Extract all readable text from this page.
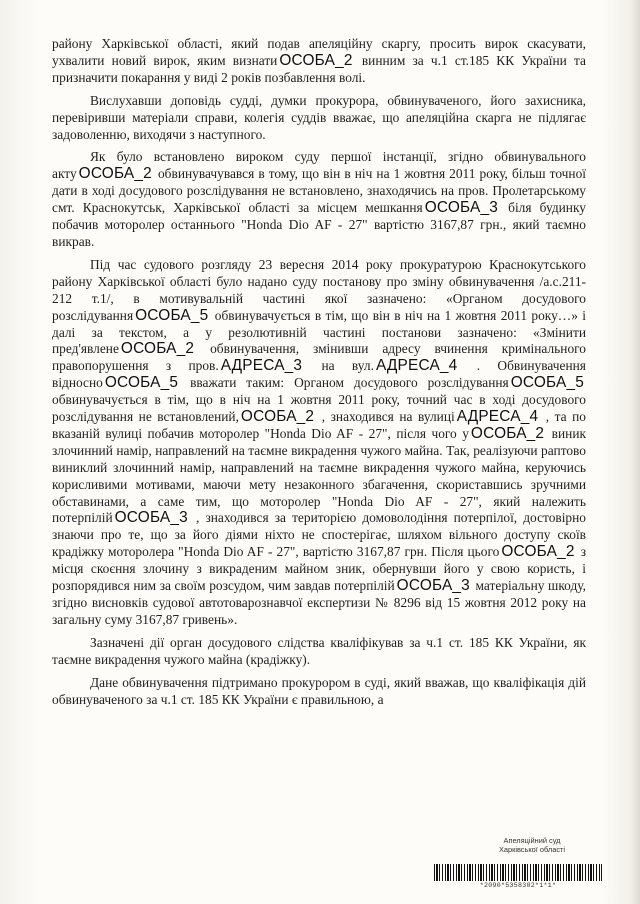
району Харківської області, який подав апеляційну скаргу, просить вирок скасувати, ухвалити новий вирок, яким визнати ОСОБА_2 винним за ч.1 ст.185 КК України та призначити покарання у виді 2 років позбавлення волі.

Вислухавши доповідь судді, думки прокурора, обвинуваченого, його захисника, перевіривши матеріали справи, колегія суддів вважає, що апеляційна скарга не підлягає задоволенню, виходячи з наступного.

Як було встановлено вироком суду першої інстанції, згідно обвинувального акту ОСОБА_2 обвинувачувався в тому, що він в ніч на 1 жовтня 2011 року, більш точної дати в ході досудового розслідування не встановлено, знаходячись на пров. Пролетарському смт. Краснокутськ, Харківської області за місцем мешкання ОСОБА_3 біля будинку побачив моторолер останнього "Honda Dio AF - 27" вартістю 3167,87 грн., який таємно викрав.

Під час судового розгляду 23 вересня 2014 року прокуратурою Краснокутського району Харківської області було надано суду постанову про зміну обвинувачення /а.с.211-212 т.1/, в мотивувальній частині якої зазначено: «Органом досудового розслідування ОСОБА_5 обвинувачується в тім, що він в ніч на 1 жовтня 2011 року…» і далі за текстом, а у резолютивній частині постанови зазначено: «Змінити пред'явлене ОСОБА_2 обвинувачення, змінивши адресу вчинення кримінального правопорушення з пров. АДРЕСА_3 на вул. АДРЕСА_4 . Обвинувачення відносно ОСОБА_5 вважати таким: Органом досудового розслідування ОСОБА_5 обвинувачується в тім, що в ніч на 1 жовтня 2011 року, точний час в ході досудового розслідування не встановлений, ОСОБА_2 , знаходився на вулиці АДРЕСА_4 , та по вказаній вулиці побачив моторолер "Honda Dio AF - 27", після чого у ОСОБА_2 виник злочинний намір, направлений на таємне викрадення чужого майна. Так, реалізуючи раптово виниклий злочинний намір, направлений на таємне викрадення чужого майна, керуючись корисливими мотивами, маючи мету незаконного збагачення, скориставшись зручними обставинами, а саме тим, що мотоpoлер "Honda Dio AF - 27", який належить потерпілій ОСОБА_3 , знаходився за територією домоволодіння потерпілої, достовірно знаючи про те, що за його діями ніхто не спостерігає, шляхом вільного доступу скоїв крадіжку мотоpoлера "Honda Dio AF - 27", вартістю 3167,87 грн. Після цього ОСОБА_2 з місця скоєння злочину з викраденим майном зник, обернувши його у свою користь, і розпорядився ним за своїм розсудом, чим завдав потерпілій ОСОБА_3 матеріальну шкоду, згідно висновків судової автотоварознавчої експертизи № 8296 від 15 жовтня 2012 року на загальну суму 3167,87 гривень».

Зазначені дії орган досудового слідства кваліфікував за ч.1 ст. 185 КК України, як таємне викрадення чужого майна (крадіжку).

Дане обвинувачення підтримано прокурором в суді, який вважав, що кваліфікація дій обвинуваченого за ч.1 ст. 185 КК України є правильною, а

Апеляційний суд
Харківської області
*2090*5358302*1*1*
